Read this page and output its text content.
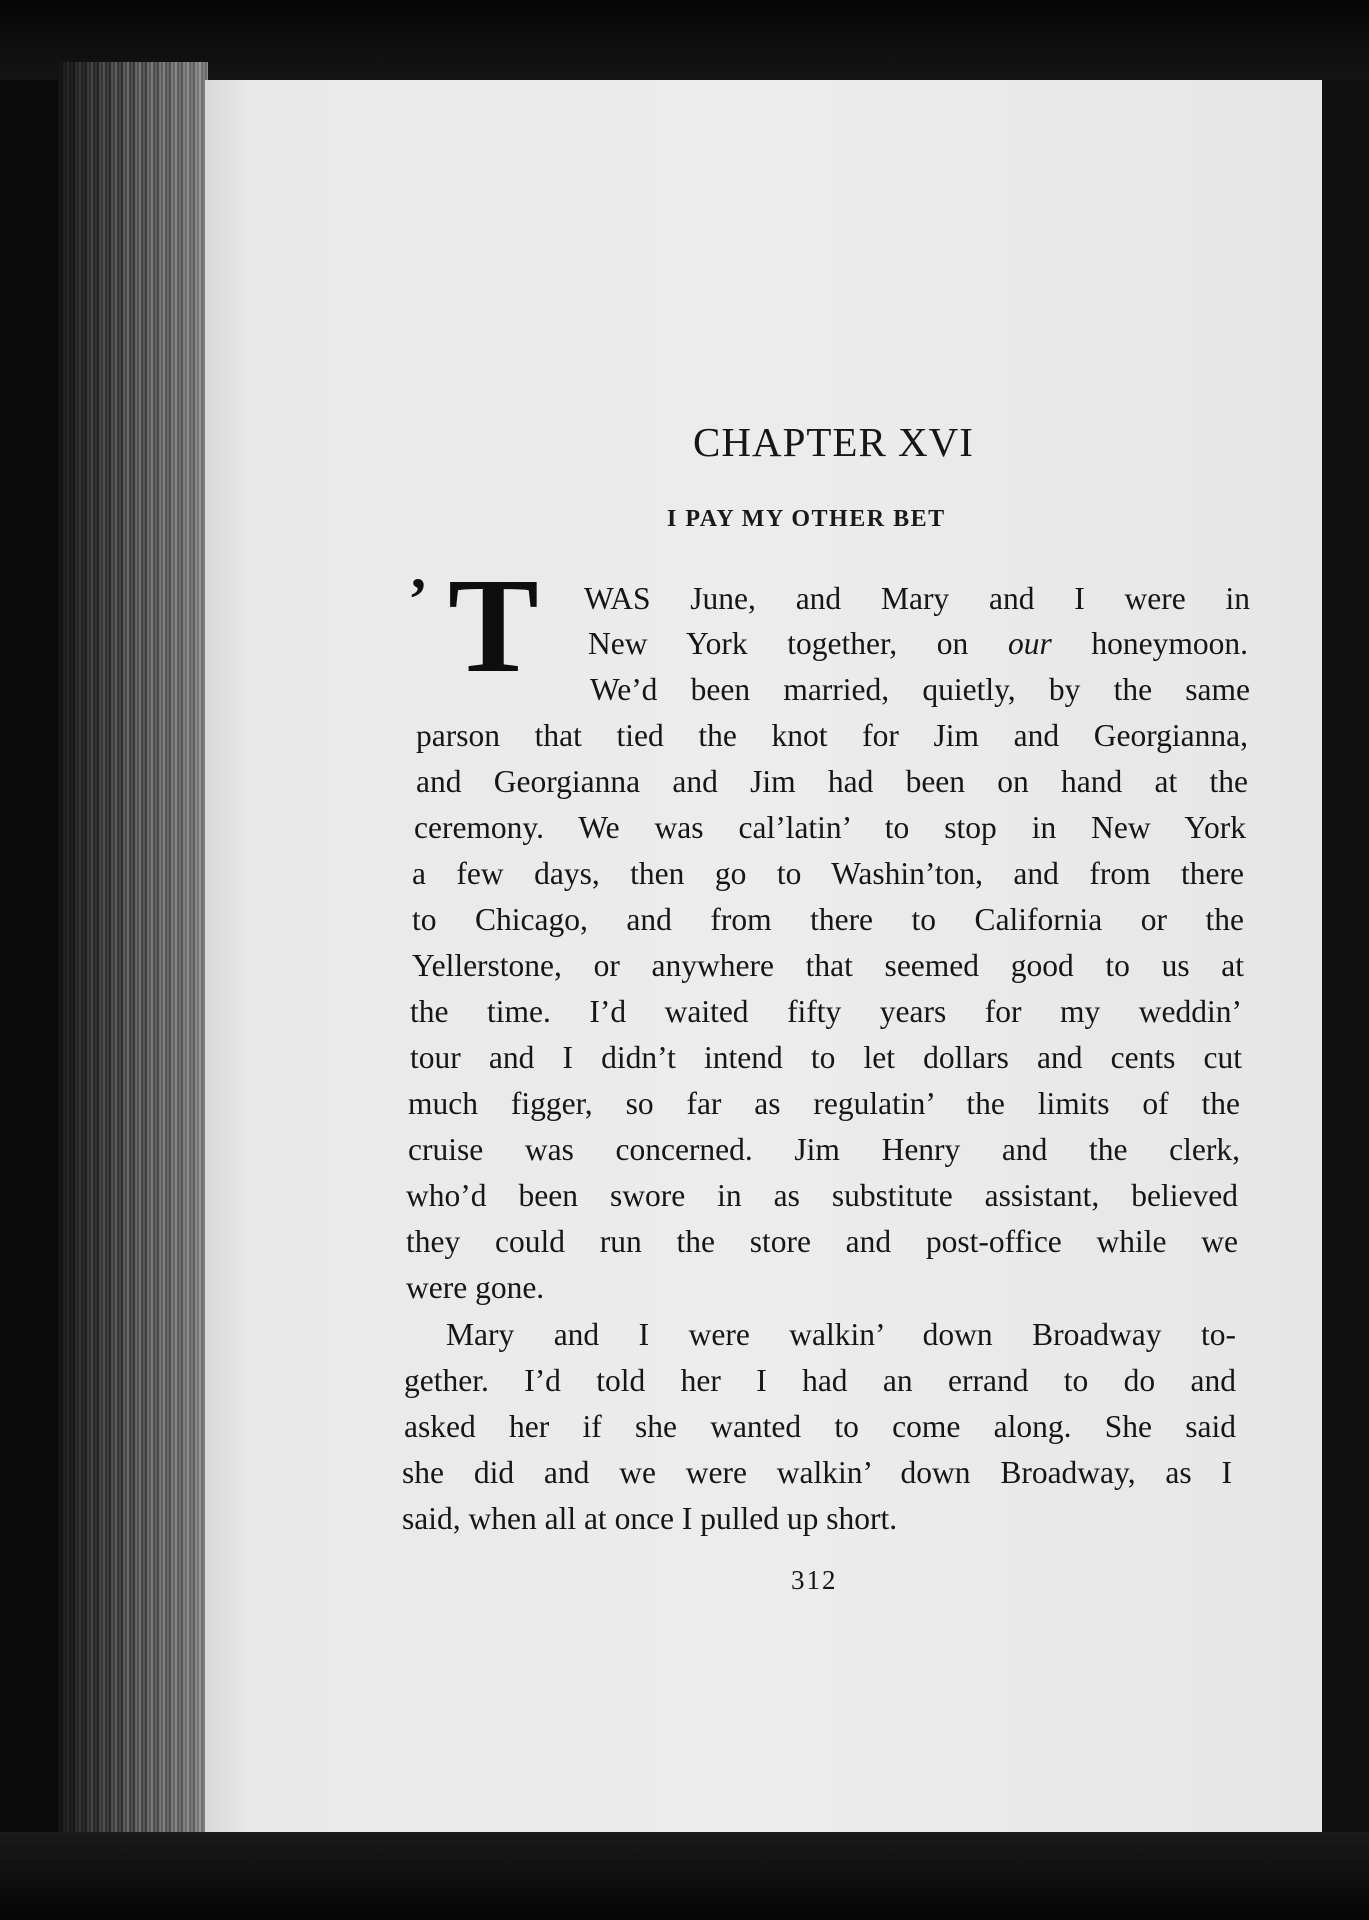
CHAPTER XVI
I PAY MY OTHER BET
’ T WAS June, and Mary and I were in
New York together, on our honeymoon.
We’d been married, quietly, by the same
parson that tied the knot for Jim and Georgianna,
and Georgianna and Jim had been on hand at the
ceremony. We was cal’latin’ to stop in New York
a few days, then go to Washin’ton, and from there
to Chicago, and from there to California or the
Yellerstone, or anywhere that seemed good to us at
the time. I’d waited fifty years for my weddin’
tour and I didn’t intend to let dollars and cents cut
much figger, so far as regulatin’ the limits of the
cruise was concerned. Jim Henry and the clerk,
who’d been swore in as substitute assistant, believed
they could run the store and post-office while we
were gone.
Mary and I were walkin’ down Broadway to-
gether. I’d told her I had an errand to do and
asked her if she wanted to come along. She said
she did and we were walkin’ down Broadway, as I
said, when all at once I pulled up short.
312
